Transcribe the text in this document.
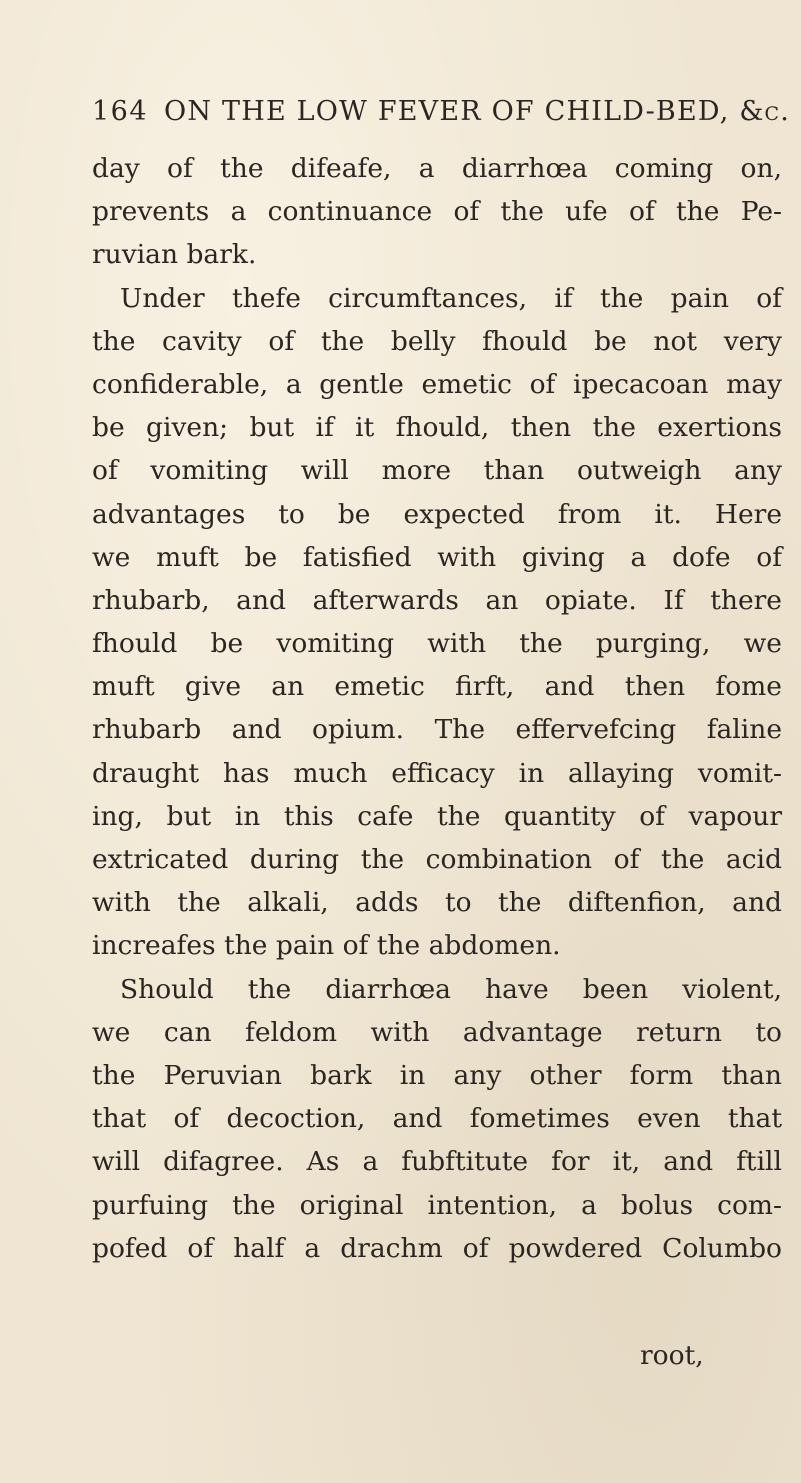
164 ON THE LOW FEVER OF CHILD-BED, &c.
day of the difeafe, a diarrhœa coming on,
prevents a continuance of the ufe of the Pe-
ruvian bark.
Under thefe circumftances, if the pain of
the cavity of the belly fhould be not very
confiderable, a gentle emetic of ipecacoan may
be given; but if it fhould, then the exertions
of vomiting will more than outweigh any
advantages to be expected from it. Here
we muft be fatisfied with giving a dofe of
rhubarb, and afterwards an opiate. If there
fhould be vomiting with the purging, we
muft give an emetic firft, and then fome
rhubarb and opium. The effervefcing faline
draught has much efficacy in allaying vomit-
ing, but in this cafe the quantity of vapour
extricated during the combination of the acid
with the alkali, adds to the diftenfion, and
increafes the pain of the abdomen.
Should the diarrhœa have been violent,
we can feldom with advantage return to
the Peruvian bark in any other form than
that of decoction, and fometimes even that
will difagree. As a fubftitute for it, and ftill
purfuing the original intention, a bolus com-
pofed of half a drachm of powdered Columbo
root,
